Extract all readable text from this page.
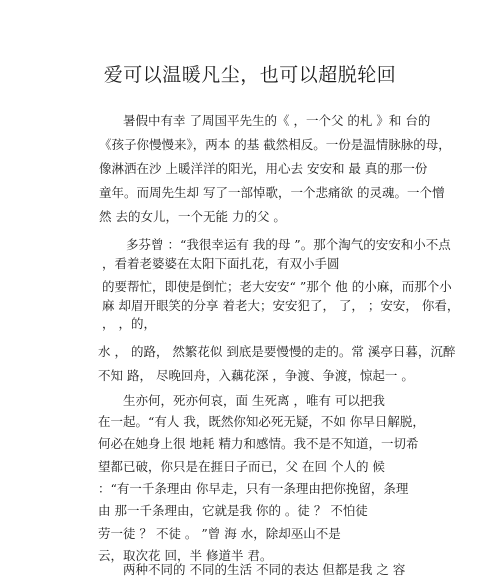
爱可以温暖凡尘，也可以超脱轮回
暑假中有幸 了周国平先生的《 ，一个父 的札 》和 台的
《孩子你慢慢来》，两本 的基 截然相反。一份是温情脉脉的母，
像淋洒在沙 上暖洋洋的阳光，用心去 安安和 最 真的那一份
童年。而周先生却 写了一部悼歌，一个悲痛欲 的灵魂。一个憎
然 去的女儿，一个无能 力的父 。
多芬曾 ：“我很幸运有 我的母 ”。那个淘气的安安和小不点
，看着老婆婆在太阳下面扎花，有双小手圆
的要帮忙，即使是倒忙；老大安安“ ”那个 他 的小麻，而那个小
麻 却眉开眼笑的分享 着老大；安安犯了， 了， ；安安， 你看，
， ，的，
水 ， 的路， 然繁花似 到底是要慢慢的走的。常 溪亭日暮，沉醉
不知 路， 尽晚回舟，入藕花深 ，争渡、争渡，惊起一 。
生亦何，死亦何哀，面 生死离 ，唯有 可以把我
在一起。“有人 我，既然你知必死无疑，不如 你早日解脱，
何必在她身上很 地耗 精力和感情。我不是不知道，一切希
望都已破，你只是在捱日子而已，父 在回 个人的 候
：“有一千条理由 你早走，只有一条理由把你挽留，条理
由 那一千条理由，它就是我 你的 。徒 ？ 不怕徒
劳一徒 ？ 不徒 。 ”曾 海 水，除却巫山不是
云，取次花 回，半 修道半 君。
两种不同的 不同的生活 不同的表达 但都是我 之 容
